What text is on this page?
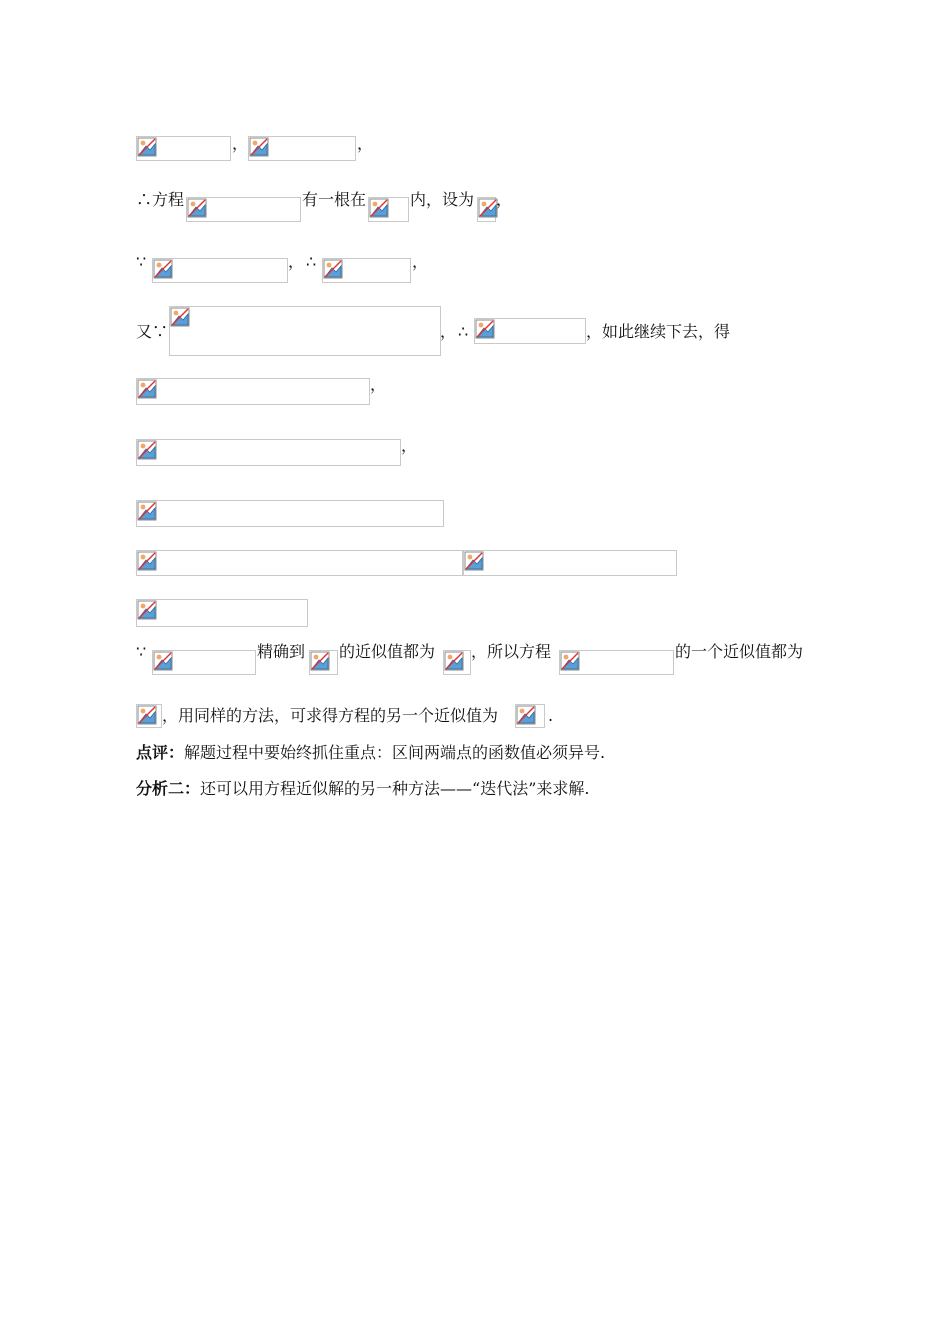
，	，
∴方程	有一根在	内，设为 ，
∵	， ∴	，
又∵	， ∴	，如此继续下去，得
，
，
∵	精确到 的近似值都为 ，所以方程	的一个近似值都为
，用同样的方法，可求得方程的另一个近似值为	.
点评：解题过程中要始终抓住重点：区间两端点的函数值必须异号.
分析二：还可以用方程近似解的另一种方法——“迭代法”来求解.
